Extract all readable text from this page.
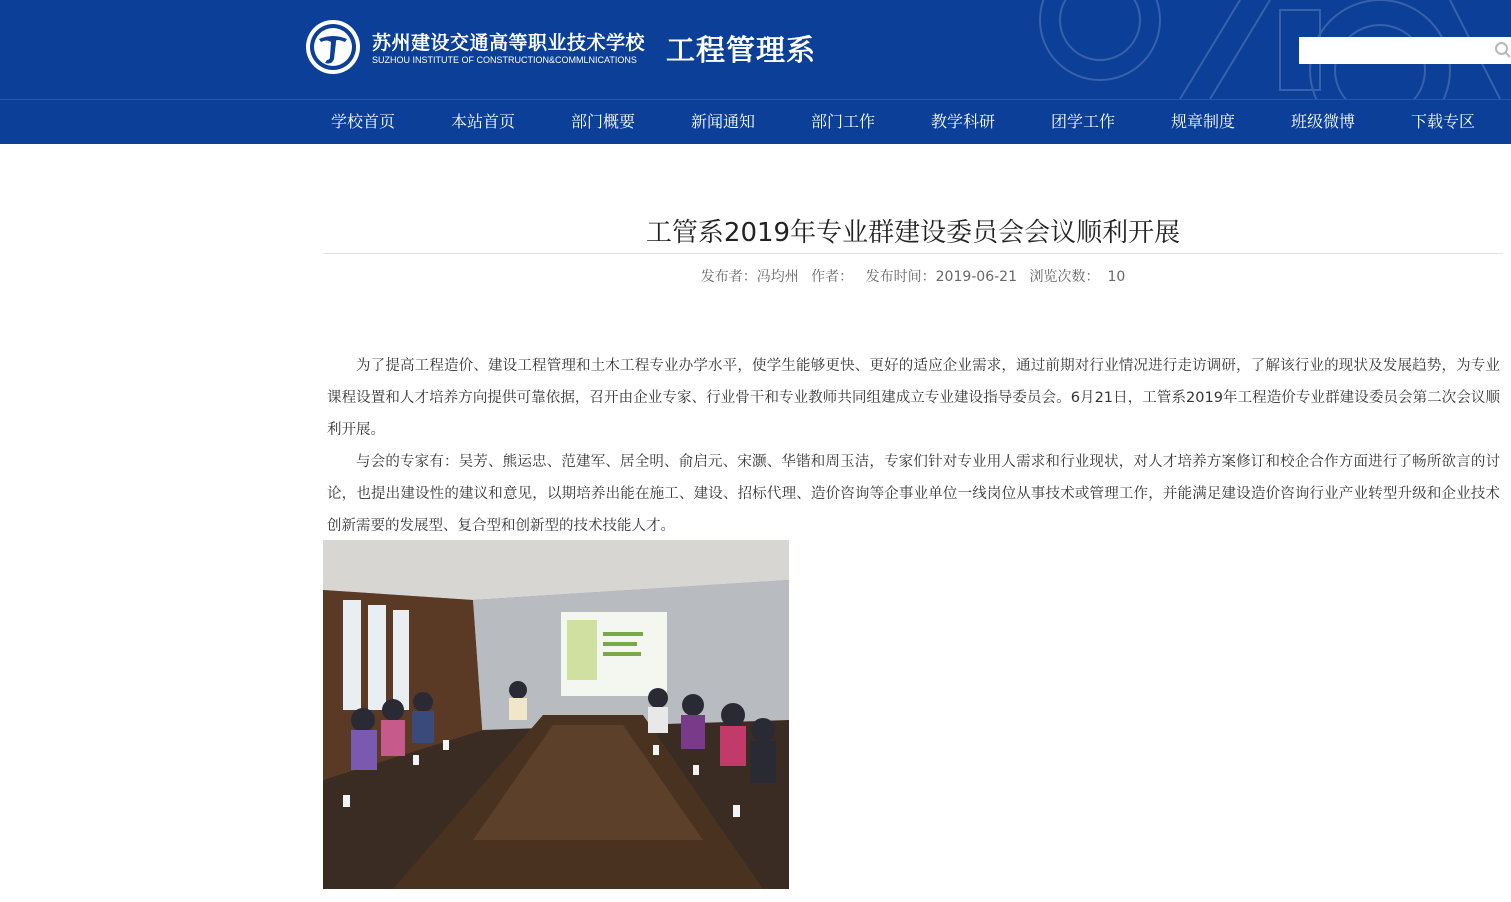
苏州建设交通高等职业技术学校
SUZHOU INSTITUTE OF CONSTRUCTION&COMMLNICATIONS 工程管理系
学校首页	本站首页	部门概要	新闻通知	部门工作	教学科研	团学工作	规章制度	班级微博	下载专区
工管系2019年专业群建设委员会会议顺利开展
发布者：冯均州 作者： 发布时间：2019-06-21 浏览次数： 10

为了提高工程造价、建设工程管理和土木工程专业办学水平，使学生能够更快、更好的适应企业需求，通过前期对行业情况进行走访调研，了解该行业的现状及发展趋势，为专业课程设置和人才培养方向提供可靠依据，召开由企业专家、行业骨干和专业教师共同组建成立专业建设指导委员会。6月21日，工管系2019年工程造价专业群建设委员会第二次会议顺利开展。

与会的专家有：吴芳、熊运忠、范建军、居全明、俞启元、宋灏、华锴和周玉洁，专家们针对专业用人需求和行业现状，对人才培养方案修订和校企合作方面进行了畅所欲言的讨论，也提出建设性的建议和意见，以期培养出能在施工、建设、招标代理、造价咨询等企事业单位一线岗位从事技术或管理工作，并能满足建设造价咨询行业产业转型升级和企业技术创新需要的发展型、复合型和创新型的技术技能人才。
